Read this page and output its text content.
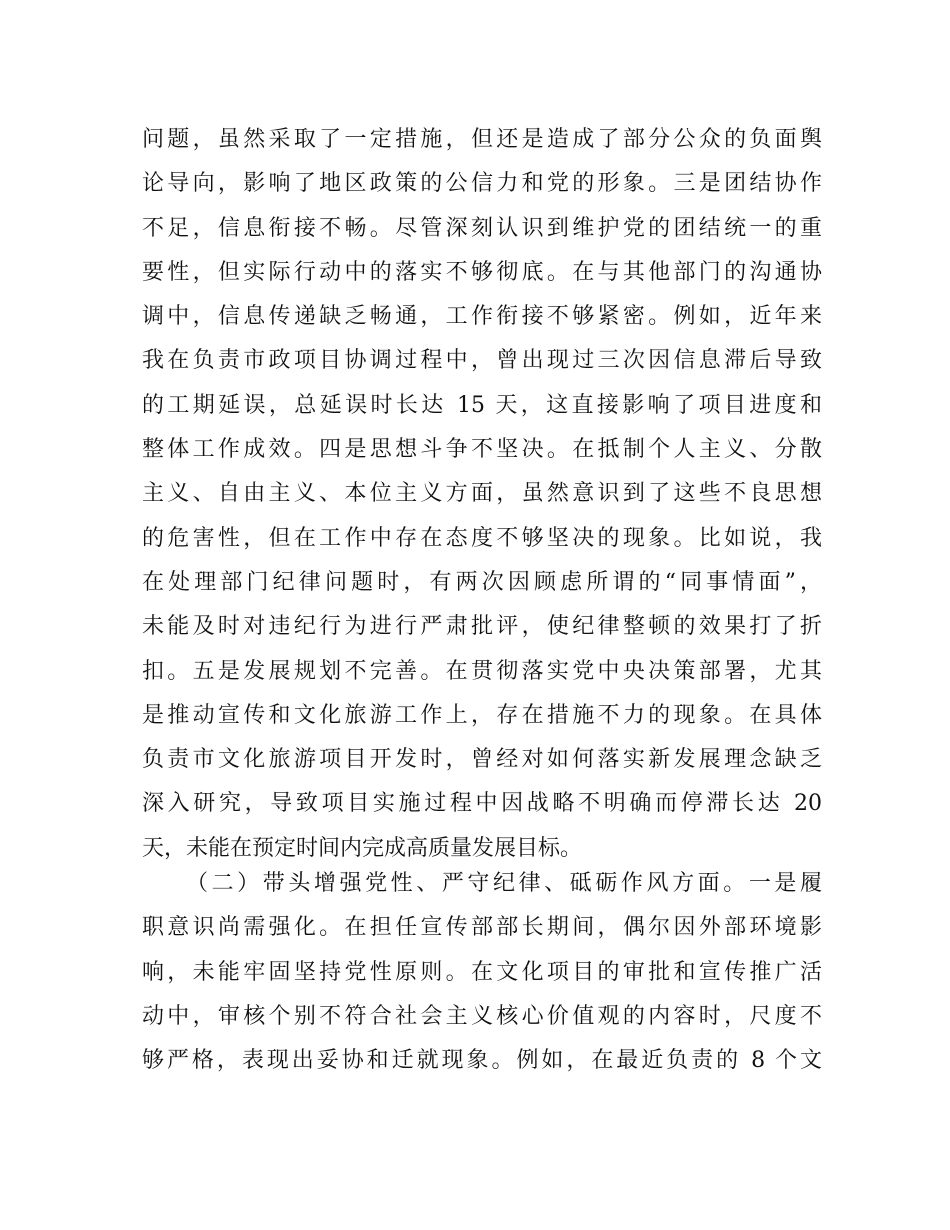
问题，虽然采取了一定措施，但还是造成了部分公众的负面舆
论导向，影响了地区政策的公信力和党的形象。三是团结协作
不足，信息衔接不畅。尽管深刻认识到维护党的团结统一的重
要性，但实际行动中的落实不够彻底。在与其他部门的沟通协
调中，信息传递缺乏畅通，工作衔接不够紧密。例如，近年来
我在负责市政项目协调过程中，曾出现过三次因信息滞后导致
的工期延误，总延误时长达 15 天，这直接影响了项目进度和
整体工作成效。四是思想斗争不坚决。在抵制个人主义、分散
主义、自由主义、本位主义方面，虽然意识到了这些不良思想
的危害性，但在工作中存在态度不够坚决的现象。比如说，我
在处理部门纪律问题时，有两次因顾虑所谓的“同事情面”，
未能及时对违纪行为进行严肃批评，使纪律整顿的效果打了折
扣。五是发展规划不完善。在贯彻落实党中央决策部署，尤其
是推动宣传和文化旅游工作上，存在措施不力的现象。在具体
负责市文化旅游项目开发时，曾经对如何落实新发展理念缺乏
深入研究，导致项目实施过程中因战略不明确而停滞长达 20
天，未能在预定时间内完成高质量发展目标。
（二）带头增强党性、严守纪律、砥砺作风方面。一是履
职意识尚需强化。在担任宣传部部长期间，偶尔因外部环境影
响，未能牢固坚持党性原则。在文化项目的审批和宣传推广活
动中，审核个别不符合社会主义核心价值观的内容时，尺度不
够严格，表现出妥协和迁就现象。例如，在最近负责的 8 个文
